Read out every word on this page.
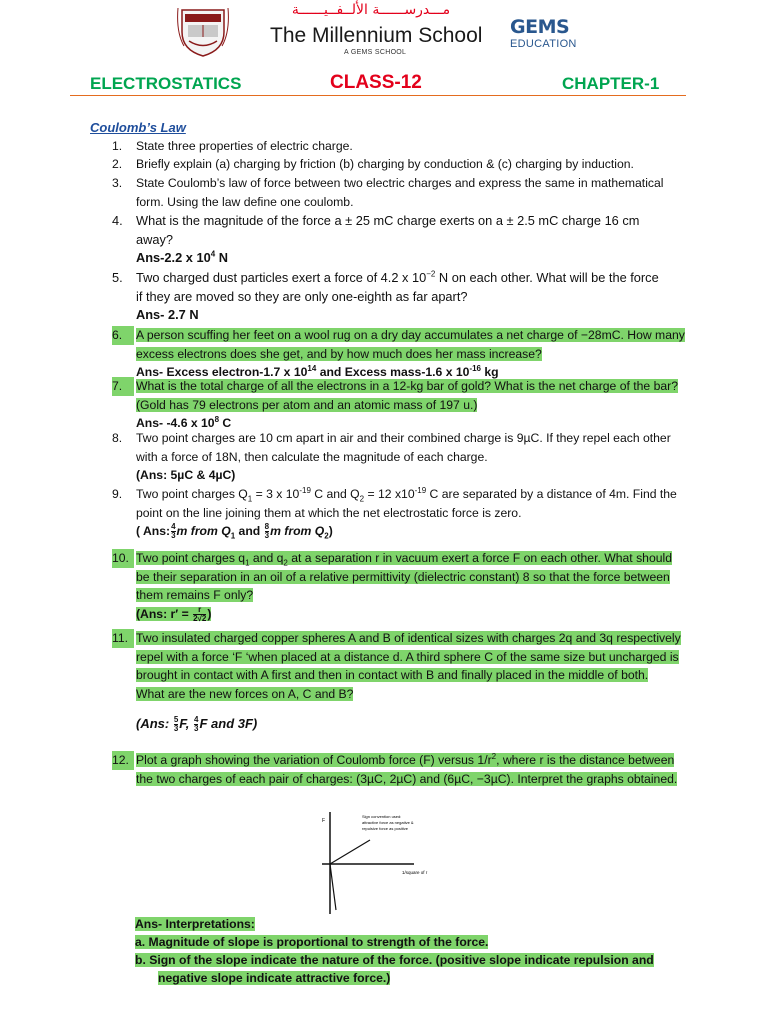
مـــدرســــــة الألــفــيــــــة
The Millennium School
A GEMS SCHOOL
GEMS
EDUCATION
ELECTROSTATICS	CLASS-12	CHAPTER-1
Coulomb’s Law
1.	State three properties of electric charge.
2.	Briefly explain (a) charging by friction (b) charging by conduction & (c) charging by induction.
3.	State Coulomb’s law of force between two electric charges and express the same in mathematical
form. Using the law define one coulomb.
4.	What is the magnitude of the force a ± 25 mC charge exerts on a ± 2.5 mC charge 16 cm
away?
Ans-2.2 x $10^4$ N
5.	Two charged dust particles exert a force of 4.2 x $10^{-2}$ N on each other. What will be the force
if they are moved so they are only one-eighth as far apart?
Ans- 2.7 N
6.	A person scuffing her feet on a wool rug on a dry day accumulates a net charge of −28mC. How many
excess electrons does she get, and by how much does her mass increase?
Ans- Excess electron-1.7 x $10^{14}$ and Excess mass-1.6 x $10^{-16}$ kg
7.	What is the total charge of all the electrons in a 12-kg bar of gold? What is the net charge of the bar?
(Gold has 79 electrons per atom and an atomic mass of 197 u.)
Ans- -4.6 x $10^8$ C
8.	Two point charges are 10 cm apart in air and their combined charge is 9µC. If they repel each other
with a force of 18N, then calculate the magnitude of each charge.
(Ans: 5µC & 4µC)
9.	Two point charges $Q_1 = 3$ x $10^{-19}$ C and $Q_2 = 12$ $x10^{-19}$ C are separated by a distance of 4m. Find the
point on the line joining them at which the net electrostatic force is zero.
( Ans: $\frac{4}{3}$ m from $Q_1$ and $\frac{8}{3}$ m from $Q_2$)
10. Two point charges $q_1$ and $q_2$ at a separation r in vacuum exert a force F on each other. What should
be their separation in an oil of a relative permittivity (dielectric constant) 8 so that the force between
them remains F only?
(Ans: $r' = \frac{r}{2√2}$ )
11. Two insulated charged copper spheres A and B of identical sizes with charges 2q and 3q respectively
repel with a force ‘F ‘when placed at a distance d. A third sphere C of the same size but uncharged is
brought in contact with A first and then in contact with B and finally placed in the middle of both.
What are the new forces on A, C and B?
(Ans: $\frac{5}{3} F$, $\frac{4}{3}$ F and 3F)
12. Plot a graph showing the variation of Coulomb force (F) versus $1/r^2$, where r is the distance between
the two charges of each pair of charges: (3µC, 2µC) and (6µC, −3µC). Interpret the graphs obtained.
F
1/square of r
Sign convention used:
attractive force as negative &
repulsive force as positive
Ans- Interpretations:
a. Magnitude of slope is proportional to strength of the force.
b. Sign of the slope indicate the nature of the force. (positive slope indicate repulsion and
negative slope indicate attractive force.)
